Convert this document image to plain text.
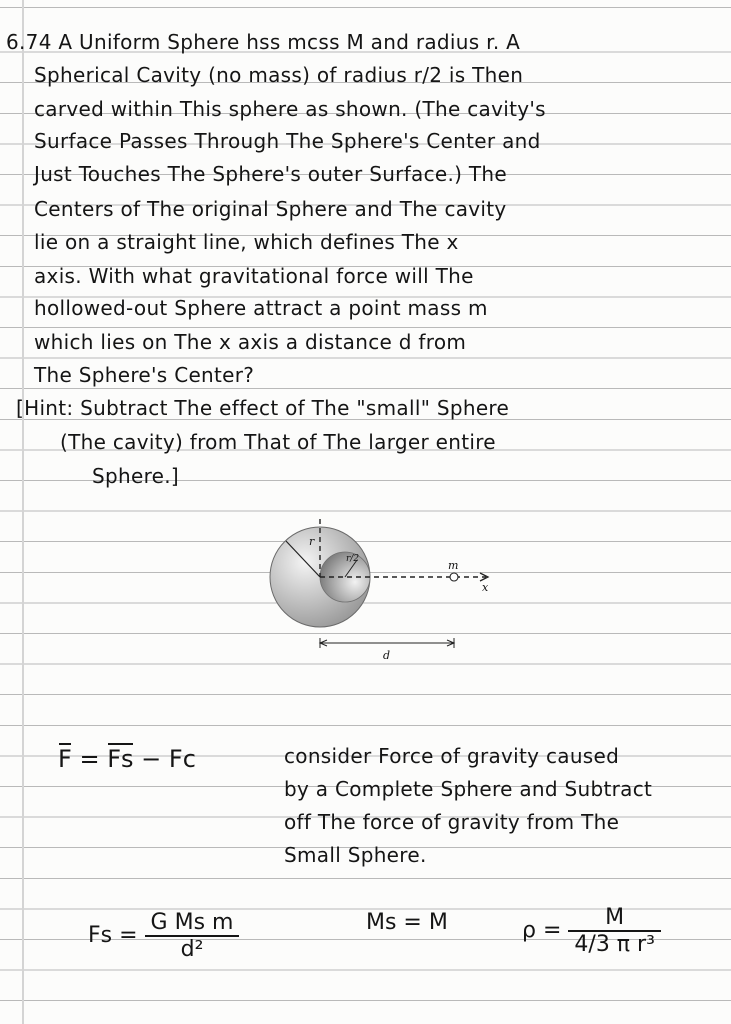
6.74 A Uniform Sphere hss mcss M and radius r. A
Spherical Cavity (no mass) of radius r/2 is Then
carved within This sphere as shown. (The cavity's
Surface Passes Through The Sphere's Center and
Just Touches The Sphere's outer Surface.) The
Centers of The original Sphere and The cavity
lie on a straight line, which defines The x
axis. With what gravitational force will The
hollowed-out Sphere attract a point mass m
which lies on The x axis a distance d from
The Sphere's Center?
[Hint: Subtract The effect of The "small" Sphere
(The cavity) from That of The larger entire
Sphere.]
r
r/2	m
x
d
F = Fs − Fc	consider Force of gravity caused
by a Complete Sphere and Subtract
off The force of gravity from The
Small Sphere.
$Fs = \frac{\text{G Ms m}}{\text{d²}}$	Ms = M	$\rho = \frac{M}{\text{4/3 π r³}}$
